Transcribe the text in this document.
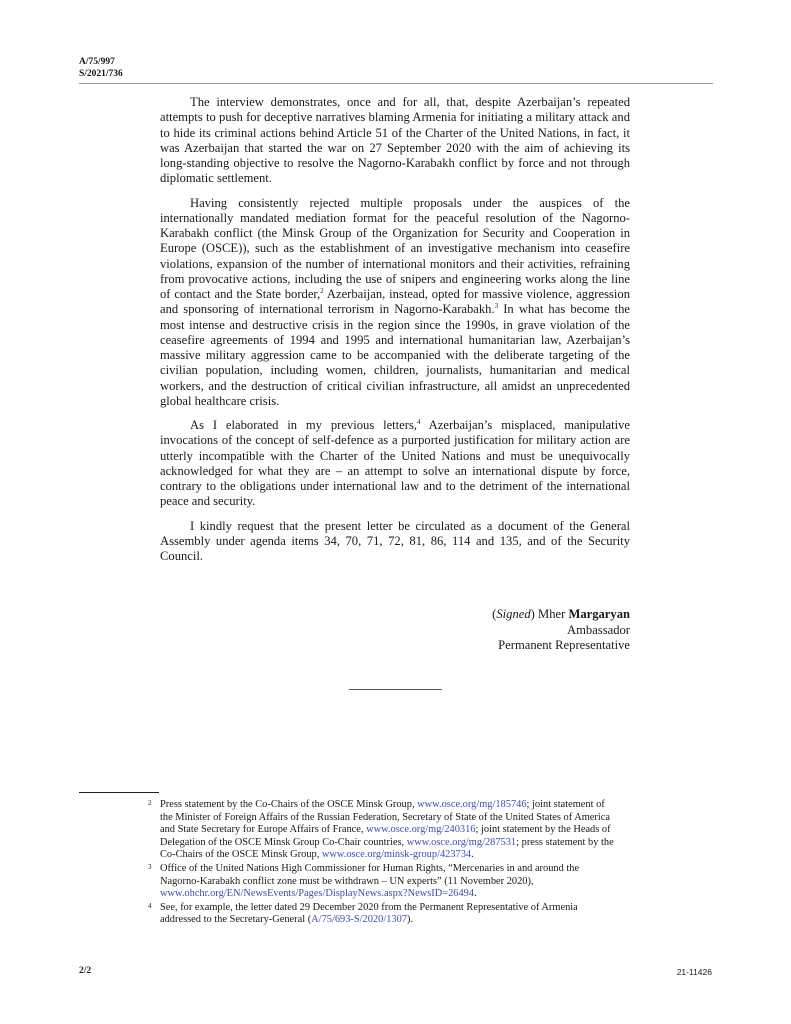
A/75/997
S/2021/736

The interview demonstrates, once and for all, that, despite Azerbaijan’s repeated attempts to push for deceptive narratives blaming Armenia for initiating a military attack and to hide its criminal actions behind Article 51 of the Charter of the United Nations, in fact, it was Azerbaijan that started the war on 27 September 2020 with the aim of achieving its long-standing objective to resolve the Nagorno-Karabakh conflict by force and not through diplomatic settlement.

Having consistently rejected multiple proposals under the auspices of the internationally mandated mediation format for the peaceful resolution of the Nagorno-Karabakh conflict (the Minsk Group of the Organization for Security and Cooperation in Europe (OSCE)), such as the establishment of an investigative mechanism into ceasefire violations, expansion of the number of international monitors and their activities, refraining from provocative actions, including the use of snipers and engineering works along the line of contact and the State border,$^2$ Azerbaijan, instead, opted for massive violence, aggression and sponsoring of international terrorism in Nagorno-Karabakh.$^3$ In what has become the most intense and destructive crisis in the region since the 1990s, in grave violation of the ceasefire agreements of 1994 and 1995 and international humanitarian law, Azerbaijan’s massive military aggression came to be accompanied with the deliberate targeting of the civilian population, including women, children, journalists, humanitarian and medical workers, and the destruction of critical civilian infrastructure, all amidst an unprecedented global healthcare crisis.

As I elaborated in my previous letters,$^4$ Azerbaijan’s misplaced, manipulative invocations of the concept of self-defence as a purported justification for military action are utterly incompatible with the Charter of the United Nations and must be unequivocally acknowledged for what they are – an attempt to solve an international dispute by force, contrary to the obligations under international law and to the detriment of the international peace and security.

I kindly request that the present letter be circulated as a document of the General Assembly under agenda items 34, 70, 71, 72, 81, 86, 114 and 135, and of the Security Council.

(Signed) Mher Margaryan
Ambassador
Permanent Representative
2 Press statement by the Co-Chairs of the OSCE Minsk Group, www.osce.org/mg/185746; joint statement of the Minister of Foreign Affairs of the Russian Federation, Secretary of State of the United States of America and State Secretary for Europe Affairs of France, www.osce.org/mg/240316; joint statement by the Heads of Delegation of the OSCE Minsk Group Co-Chair countries, www.osce.org/mg/287531; press statement by the Co-Chairs of the OSCE Minsk Group, www.osce.org/minsk-group/423734.
3 Office of the United Nations High Commissioner for Human Rights, “Mercenaries in and around the Nagorno-Karabakh conflict zone must be withdrawn – UN experts” (11 November 2020), www.ohchr.org/EN/NewsEvents/Pages/DisplayNews.aspx?NewsID=26494.
4 See, for example, the letter dated 29 December 2020 from the Permanent Representative of Armenia addressed to the Secretary-General (A/75/693-S/2020/1307).
2/2	21-11426
